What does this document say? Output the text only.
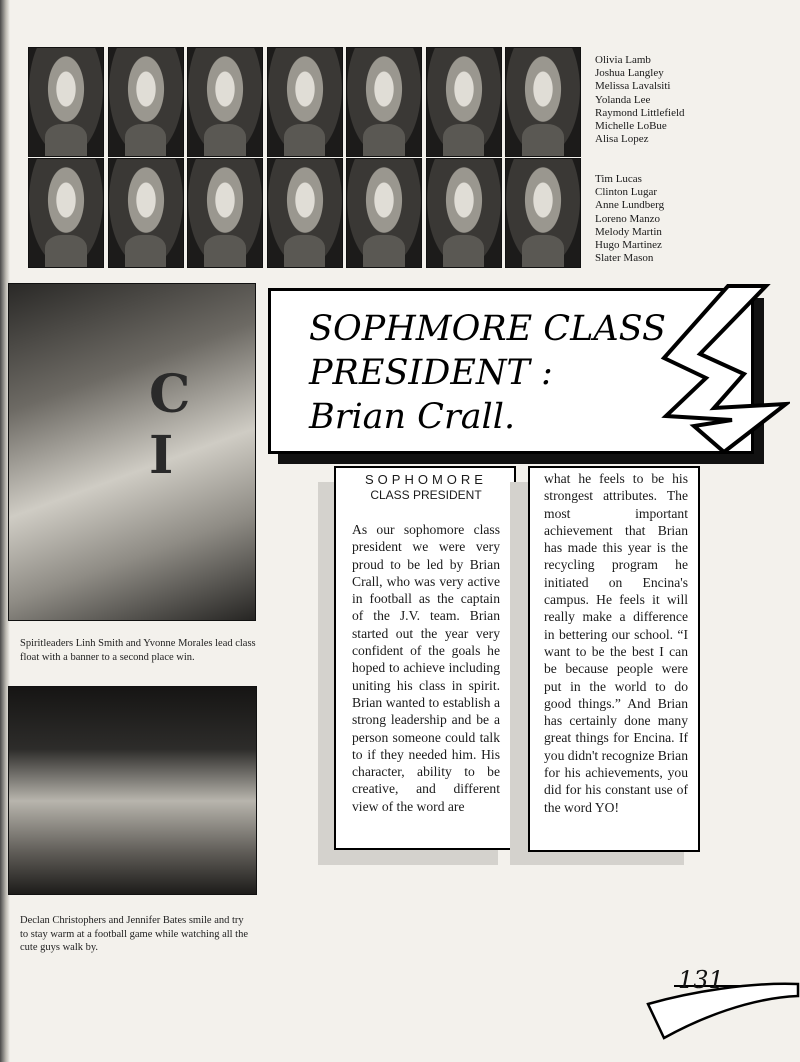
Olivia Lamb
Joshua Langley
Melissa Lavalsiti
Yolanda Lee
Raymond Littlefield
Michelle LoBue
Alisa Lopez
Tim Lucas
Clinton Lugar
Anne Lundberg
Loreno Manzo
Melody Martin
Hugo Martinez
Slater Mason
C I
Spiritleaders Linh Smith and Yvonne Morales lead class float with a banner to a second place win.
Declan Christophers and Jennifer Bates smile and try to stay warm at a football game while watching all the cute guys walk by.
SOPHMORE CLASS
PRESIDENT :
Brian Crall.
SOPHOMORE
CLASS PRESIDENT
As our sophomore class president we were very proud to be led by Brian Crall, who was very active in football as the captain of the J.V. team. Brian started out the year very confident of the goals he hoped to achieve including uniting his class in spirit. Brian wanted to establish a strong leadership and be a person someone could talk to if they needed him. His character, ability to be creative, and different view of the word are
what he feels to be his strongest attributes. The most important achievement that Brian has made this year is the recycling program he initiated on Encina's campus. He feels it will really make a difference in bettering our school. “I want to be the best I can be because people were put in the world to do good things.” And Brian has certainly done many great things for Encina. If you didn't recognize Brian for his achievements, you did for his constant use of the word YO!
131
